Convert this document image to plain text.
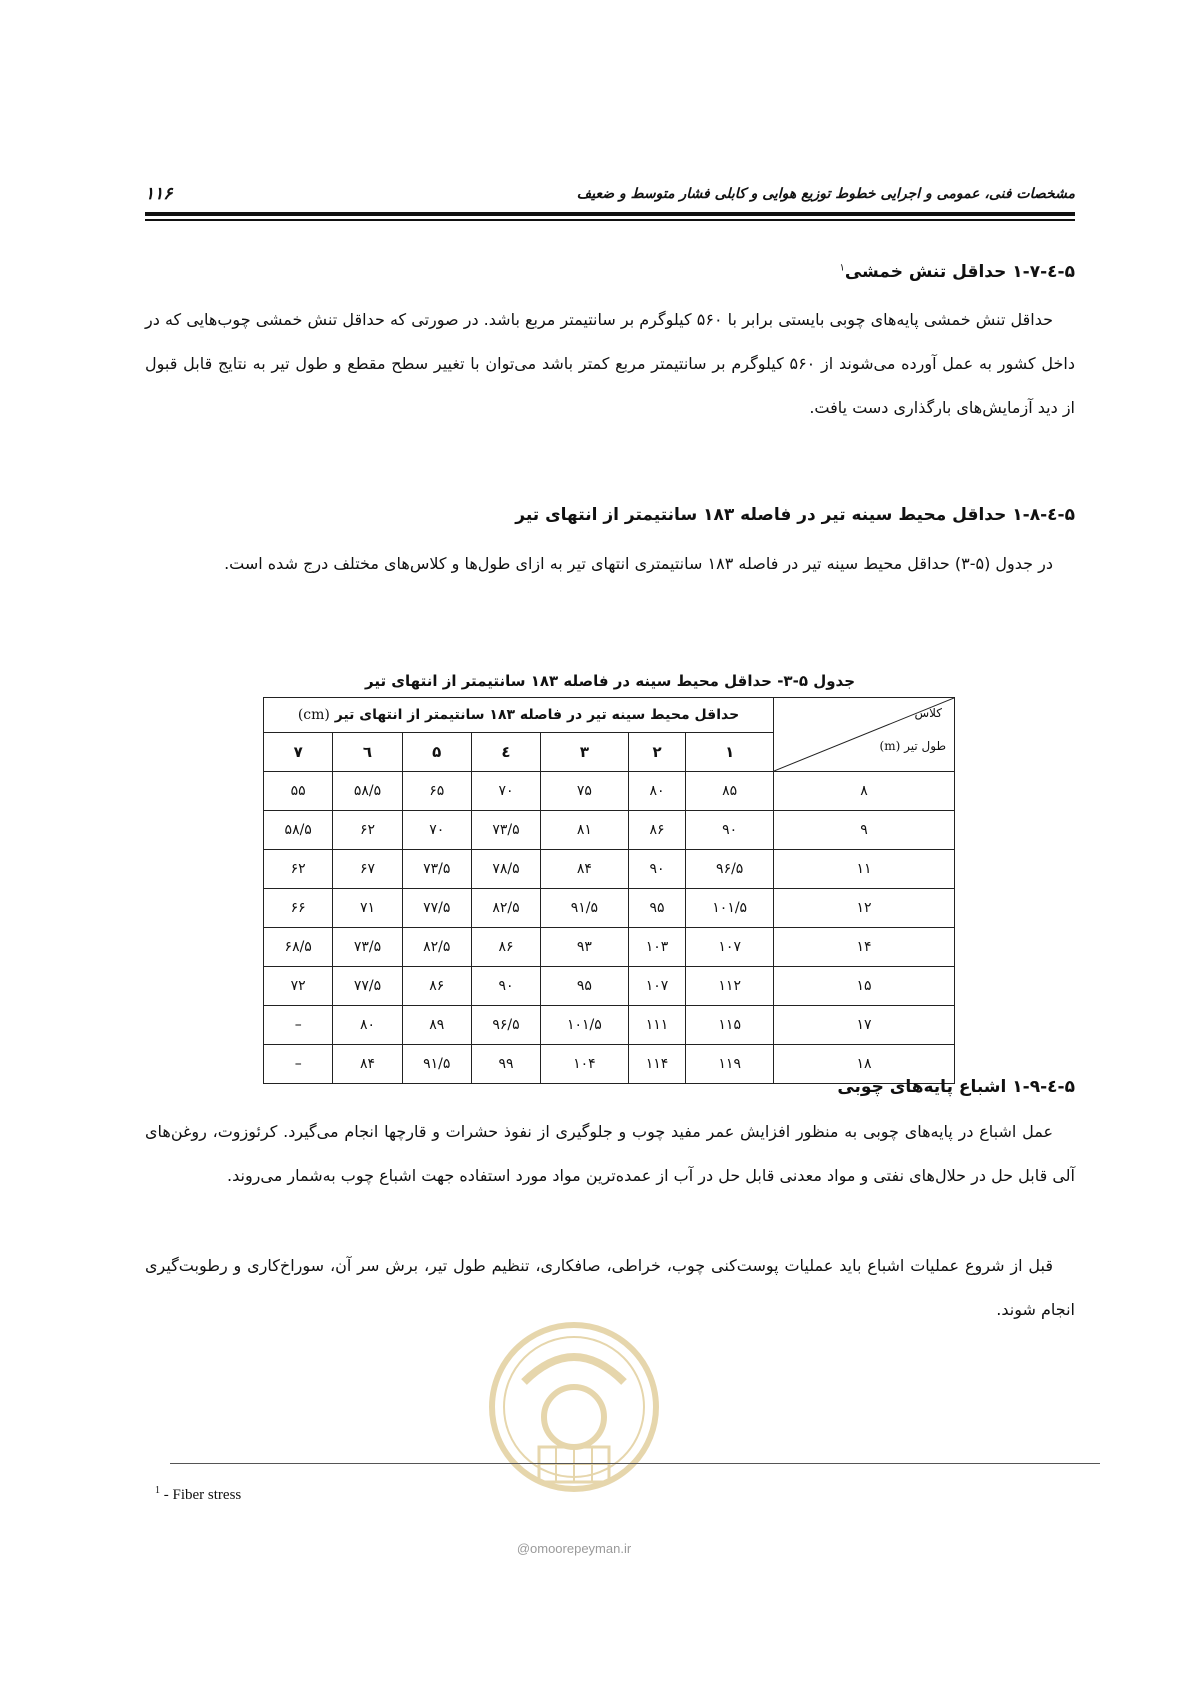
مشخصات فنی، عمومی و اجرایی خطوط توزیع هوایی و کابلی فشار متوسط و ضعیف
۱۱۶
۵-٤-۱-۷ حداقل تنش خمشی$^۱$
حداقل تنش خمشی پایه‌های چوبی بایستی برابر با ۵۶۰ کیلوگرم بر سانتیمتر مربع باشد. در صورتی که حداقل تنش خمشی چوب‌هایی که در داخل کشور به عمل آورده می‌شوند از ۵۶۰ کیلوگرم بر سانتیمتر مربع کمتر باشد می‌توان با تغییر سطح مقطع و طول تیر به نتایج قابل قبول از دید آزمایش‌های بارگذاری دست یافت.
۵-٤-۱-۸ حداقل محیط سینه تیر در فاصله ۱۸۳ سانتیمتر از انتهای تیر
در جدول (۵-۳) حداقل محیط سینه تیر در فاصله ۱۸۳ سانتیمتری انتهای تیر به ازای طول‌ها و کلاس‌های مختلف درج شده است.
جدول ۵-۳- حداقل محیط سینه در فاصله ۱۸۳ سانتیمتر از انتهای تیر
کلاس
طول تیر (m)	حداقل محیط سینه تیر در فاصله ۱۸۳ سانتیمتر از انتهای تیر (cm)						
	۱	۲	۳	٤	۵	٦	۷
۸	۸۵	۸۰	۷۵	۷۰	۶۵	۵۸/۵	۵۵
۹	۹۰	۸۶	۸۱	۷۳/۵	۷۰	۶۲	۵۸/۵
۱۱	۹۶/۵	۹۰	۸۴	۷۸/۵	۷۳/۵	۶۷	۶۲
۱۲	۱۰۱/۵	۹۵	۹۱/۵	۸۲/۵	۷۷/۵	۷۱	۶۶
۱۴	۱۰۷	۱۰۳	۹۳	۸۶	۸۲/۵	۷۳/۵	۶۸/۵
۱۵	۱۱۲	۱۰۷	۹۵	۹۰	۸۶	۷۷/۵	۷۲
۱۷	۱۱۵	۱۱۱	۱۰۱/۵	۹۶/۵	۸۹	۸۰	–
۱۸	۱۱۹	۱۱۴	۱۰۴	۹۹	۹۱/۵	۸۴	–
۵-٤-۱-۹ اشباع پایه‌های چوبی
عمل اشباع در پایه‌های چوبی به منظور افزایش عمر مفید چوب و جلوگیری از نفوذ حشرات و قارچها انجام می‌گیرد. کرئوزوت، روغن‌های آلی قابل حل در حلال‌های نفتی و مواد معدنی قابل حل در آب از عمده‌ترین مواد مورد استفاده جهت اشباع چوب به‌شمار می‌روند.
قبل از شروع عملیات اشباع باید عملیات پوست‌کنی چوب، خراطی، صافکاری، تنظیم طول تیر، برش سر آن، سوراخ‌کاری و رطوبت‌گیری انجام شوند.
@omoorepeyman.ir
$^1$ - Fiber stress
